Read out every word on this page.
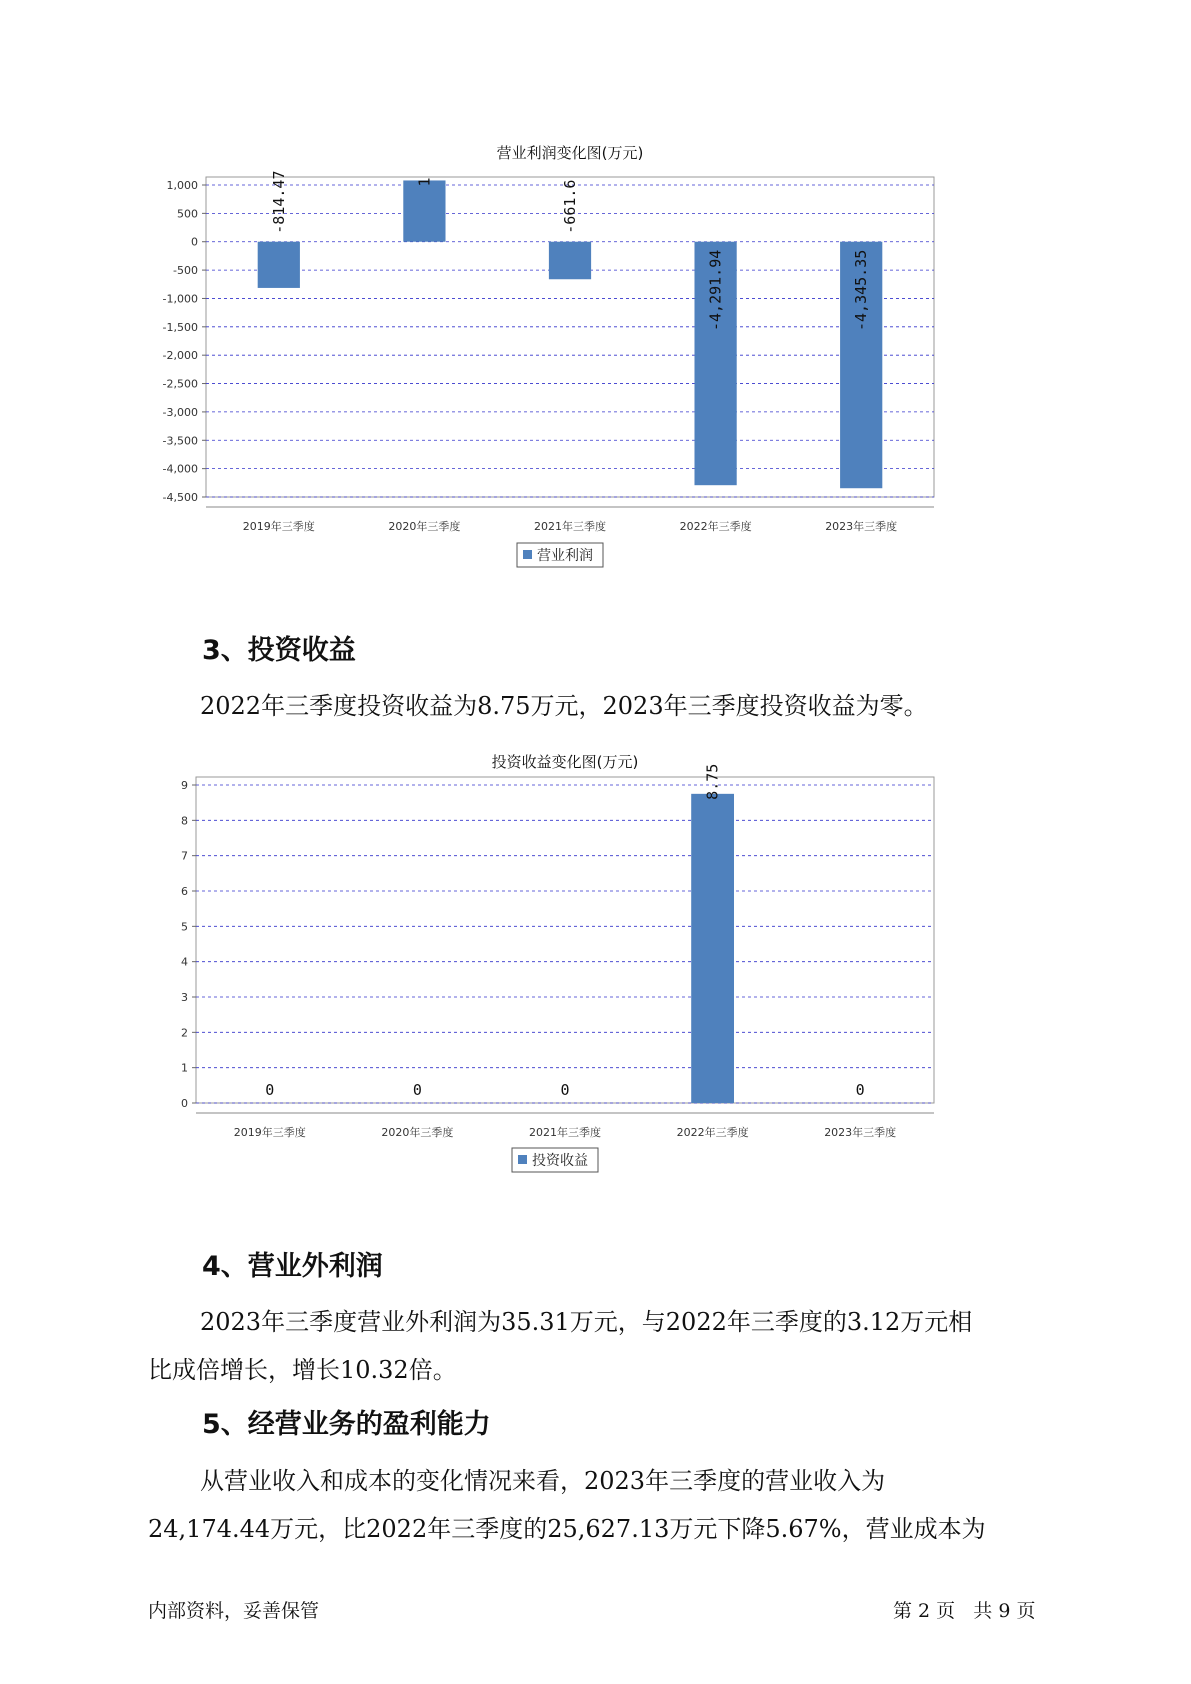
营业利润变化图(万元)
1,000
500
0
-500
-1,000
-1,500
-2,000
-2,500
-3,000
-3,500
-4,000
-4,500
2019年三季度
-814.47
2020年三季度
1
2021年三季度
-661.6
2022年三季度
-4,291.94
2023年三季度
-4,345.35
营业利润
3、投资收益
2022年三季度投资收益为8.75万元，2023年三季度投资收益为零。
投资收益变化图(万元)
9
8
7
6
5
4
3
2
1
0
2019年三季度
0
2020年三季度
0
2021年三季度
0
2022年三季度
8.75
2023年三季度
0
投资收益
4、营业外利润
2023年三季度营业外利润为35.31万元，与2022年三季度的3.12万元相
比成倍增长，增长10.32倍。
5、经营业务的盈利能力
从营业收入和成本的变化情况来看，2023年三季度的营业收入为
24,174.44万元，比2022年三季度的25,627.13万元下降5.67%，营业成本为
内部资料，妥善保管	第 2 页   共 9 页
